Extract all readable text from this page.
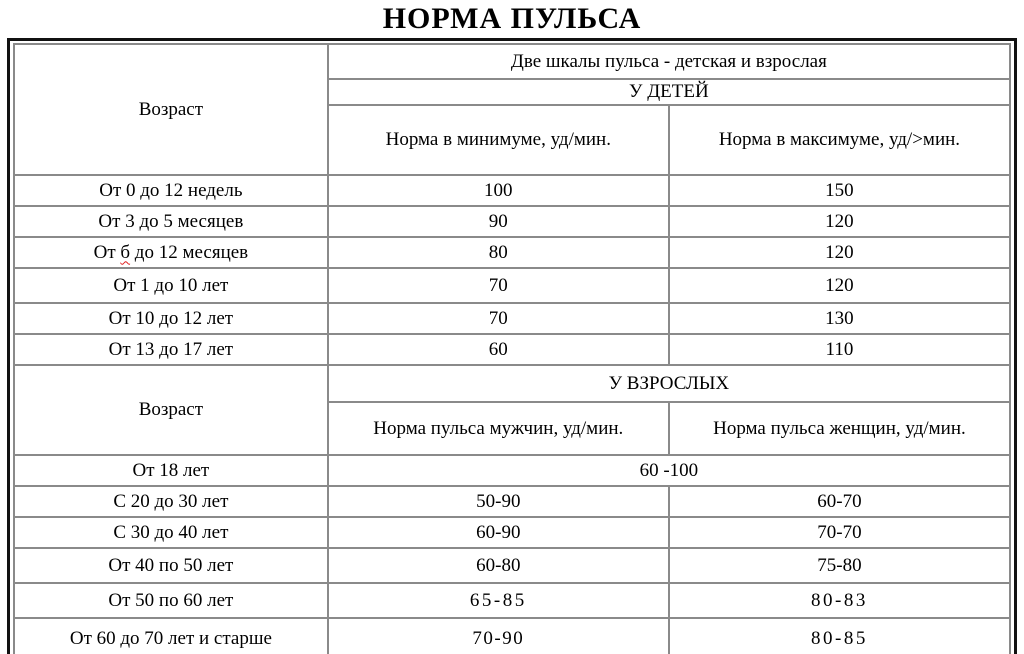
НОРМА ПУЛЬСА
Возраст	Две шкалы пульса - детская и взрослая	
	У ДЕТЕЙ	
	Норма в минимуме, уд/мин.	Норма в максимуме, уд/>мин.
От 0 до 12 недель	100	150
От 3 до 5 месяцев	90	120
От б до 12 месяцев	80	120
От 1 до 10 лет	70	120
От 10 до 12 лет	70	130
От 13 до 17 лет	60	110
Возраст	У ВЗРОСЛЫХ	
	Норма пульса мужчин, уд/мин.	Норма пульса женщин, уд/мин.
От 18 лет	60 -100	
С 20 до 30 лет	50-90	60-70
С 30 до 40 лет	60-90	70-70
От 40 по 50 лет	60-80	75-80
От 50 по 60 лет	65-85	80-83
От 60 до 70 лет и старше	70-90	80-85
